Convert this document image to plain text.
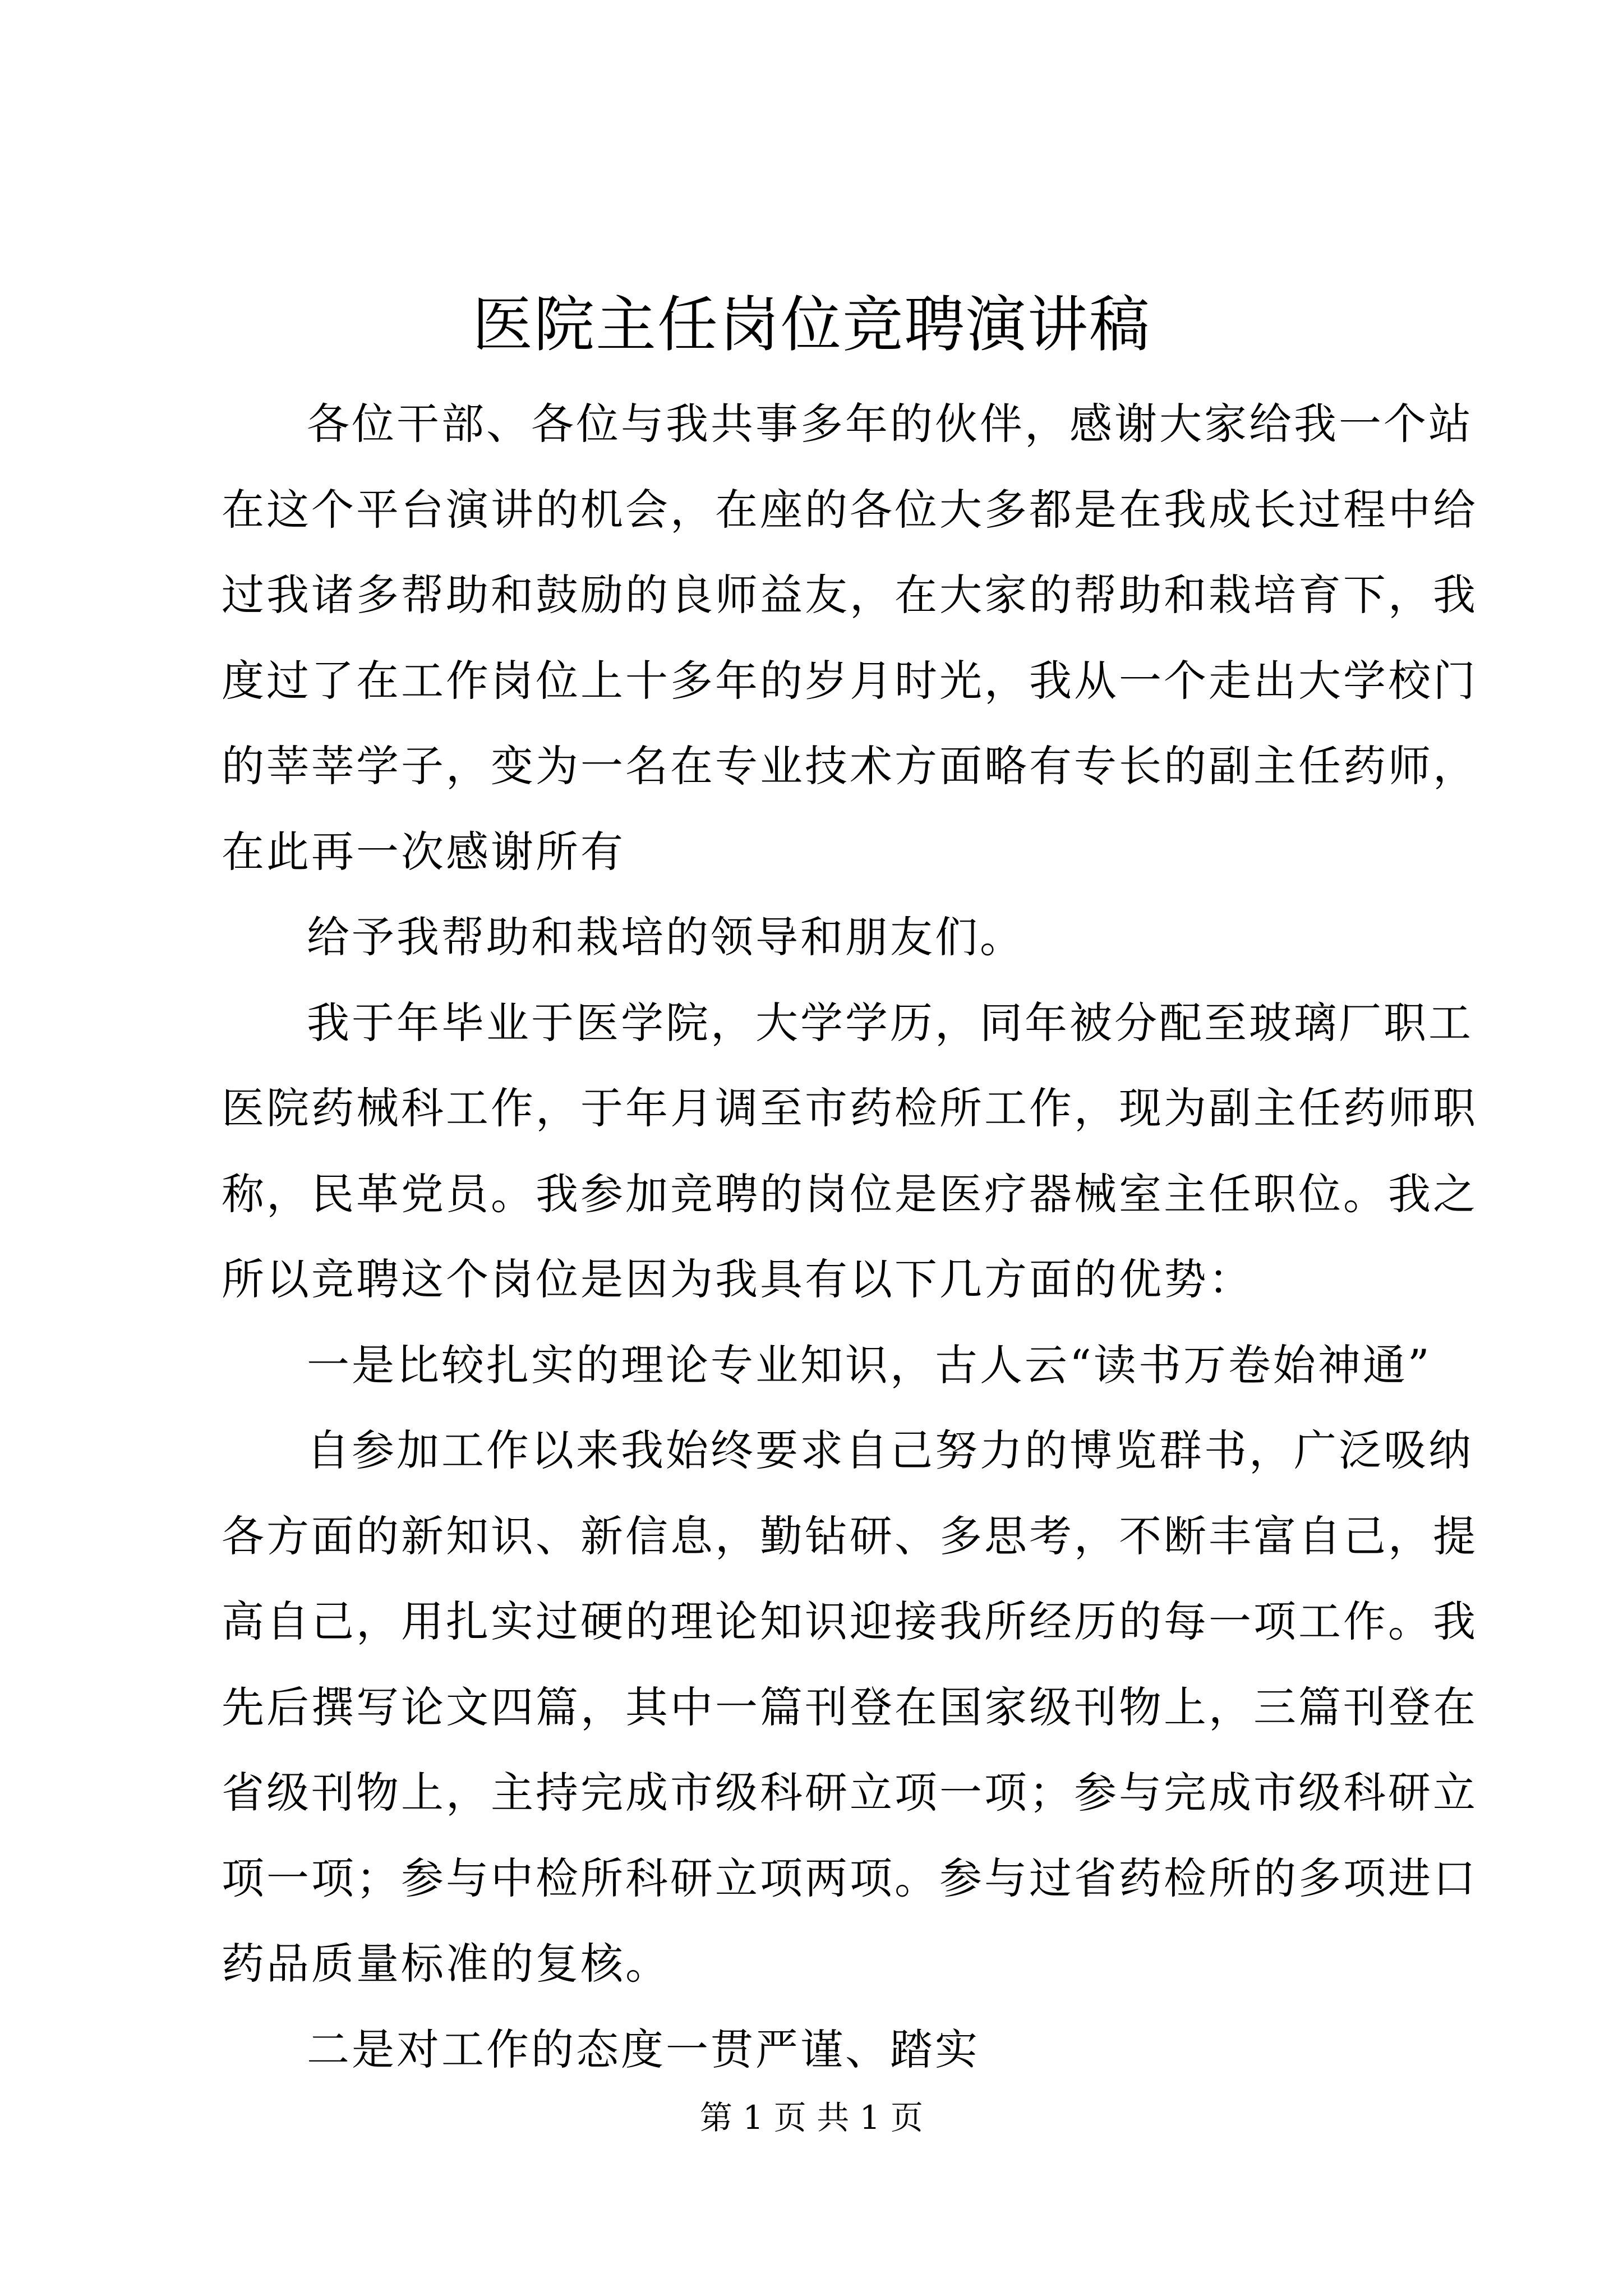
医院主任岗位竞聘演讲稿
各位干部、各位与我共事多年的伙伴，感谢大家给我一个站
在这个平台演讲的机会，在座的各位大多都是在我成长过程中给
过我诸多帮助和鼓励的良师益友，在大家的帮助和栽培育下，我
度过了在工作岗位上十多年的岁月时光，我从一个走出大学校门
的莘莘学子，变为一名在专业技术方面略有专长的副主任药师，
在此再一次感谢所有
给予我帮助和栽培的领导和朋友们。
我于年毕业于医学院，大学学历，同年被分配至玻璃厂职工
医院药械科工作，于年月调至市药检所工作，现为副主任药师职
称，民革党员。我参加竞聘的岗位是医疗器械室主任职位。我之
所以竞聘这个岗位是因为我具有以下几方面的优势：
一是比较扎实的理论专业知识，古人云“读书万卷始神通”
自参加工作以来我始终要求自己努力的博览群书，广泛吸纳
各方面的新知识、新信息，勤钻研、多思考，不断丰富自己，提
高自己，用扎实过硬的理论知识迎接我所经历的每一项工作。我
先后撰写论文四篇，其中一篇刊登在国家级刊物上，三篇刊登在
省级刊物上，主持完成市级科研立项一项；参与完成市级科研立
项一项；参与中检所科研立项两项。参与过省药检所的多项进口
药品质量标准的复核。
二是对工作的态度一贯严谨、踏实
第 1 页 共 1 页
